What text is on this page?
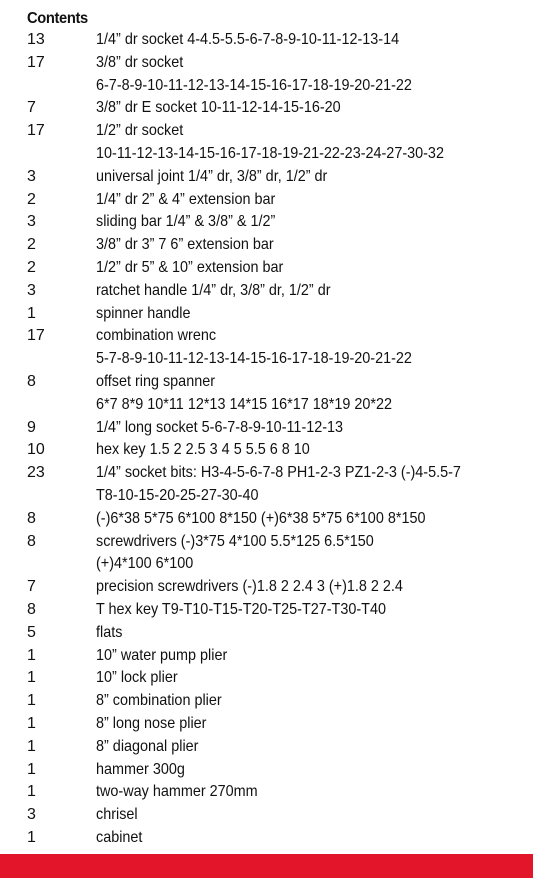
Contents
13	1/4” dr socket 4-4.5-5.5-6-7-8-9-10-11-12-13-14
17	3/8” dr socket
6-7-8-9-10-11-12-13-14-15-16-17-18-19-20-21-22
7	3/8” dr E socket 10-11-12-14-15-16-20
17	1/2” dr socket
10-11-12-13-14-15-16-17-18-19-21-22-23-24-27-30-32
3	universal joint 1/4” dr, 3/8” dr, 1/2” dr
2	1/4” dr 2” & 4” extension bar
3	sliding bar 1/4” & 3/8” & 1/2”
2	3/8” dr 3” 7 6” extension bar
2	1/2” dr 5” & 10” extension bar
3	ratchet handle 1/4” dr, 3/8” dr, 1/2” dr
1	spinner handle
17	combination wrenc
5-7-8-9-10-11-12-13-14-15-16-17-18-19-20-21-22
8	offset ring spanner
6*7 8*9 10*11 12*13 14*15 16*17 18*19 20*22
9	1/4” long socket 5-6-7-8-9-10-11-12-13
10	hex key 1.5 2 2.5 3 4 5 5.5 6 8 10
23	1/4” socket bits: H3-4-5-6-7-8 PH1-2-3 PZ1-2-3 (-)4-5.5-7
T8-10-15-20-25-27-30-40
8	(-)6*38 5*75 6*100 8*150 (+)6*38 5*75 6*100 8*150
8	screwdrivers (-)3*75 4*100 5.5*125 6.5*150
(+)4*100 6*100
7	precision screwdrivers (-)1.8 2 2.4 3 (+)1.8 2 2.4
8	T hex key T9-T10-T15-T20-T25-T27-T30-T40
5	flats
1	10” water pump plier
1	10” lock plier
1	8” combination plier
1	8” long nose plier
1	8” diagonal plier
1	hammer 300g
1	two-way hammer 270mm
3	chrisel
1	cabinet
